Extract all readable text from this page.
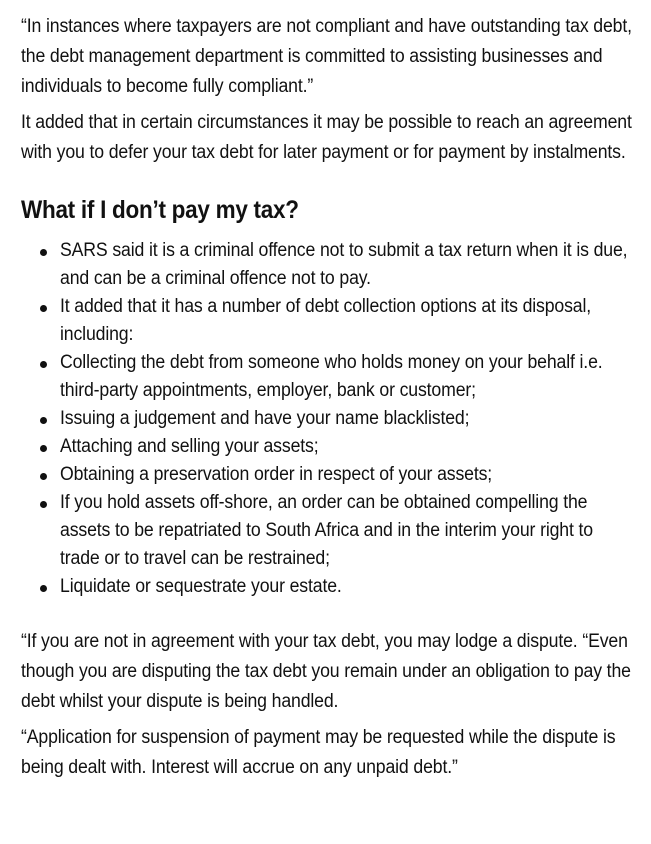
“In instances where taxpayers are not compliant and have outstanding tax debt, the debt management department is committed to assisting businesses and individuals to become fully compliant.”

It added that in certain circumstances it may be possible to reach an agreement with you to defer your tax debt for later payment or for payment by instalments.

What if I don’t pay my tax?
SARS said it is a criminal offence not to submit a tax return when it is due, and can be a criminal offence not to pay.
It added that it has a number of debt collection options at its disposal, including:
Collecting the debt from someone who holds money on your behalf i.e. third-party appointments, employer, bank or customer;
Issuing a judgement and have your name blacklisted;
Attaching and selling your assets;
Obtaining a preservation order in respect of your assets;
If you hold assets off-shore, an order can be obtained compelling the assets to be repatriated to South Africa and in the interim your right to trade or to travel can be restrained;
Liquidate or sequestrate your estate.

“If you are not in agreement with your tax debt, you may lodge a dispute. “Even though you are disputing the tax debt you remain under an obligation to pay the debt whilst your dispute is being handled.

“Application for suspension of payment may be requested while the dispute is being dealt with. Interest will accrue on any unpaid debt.”
